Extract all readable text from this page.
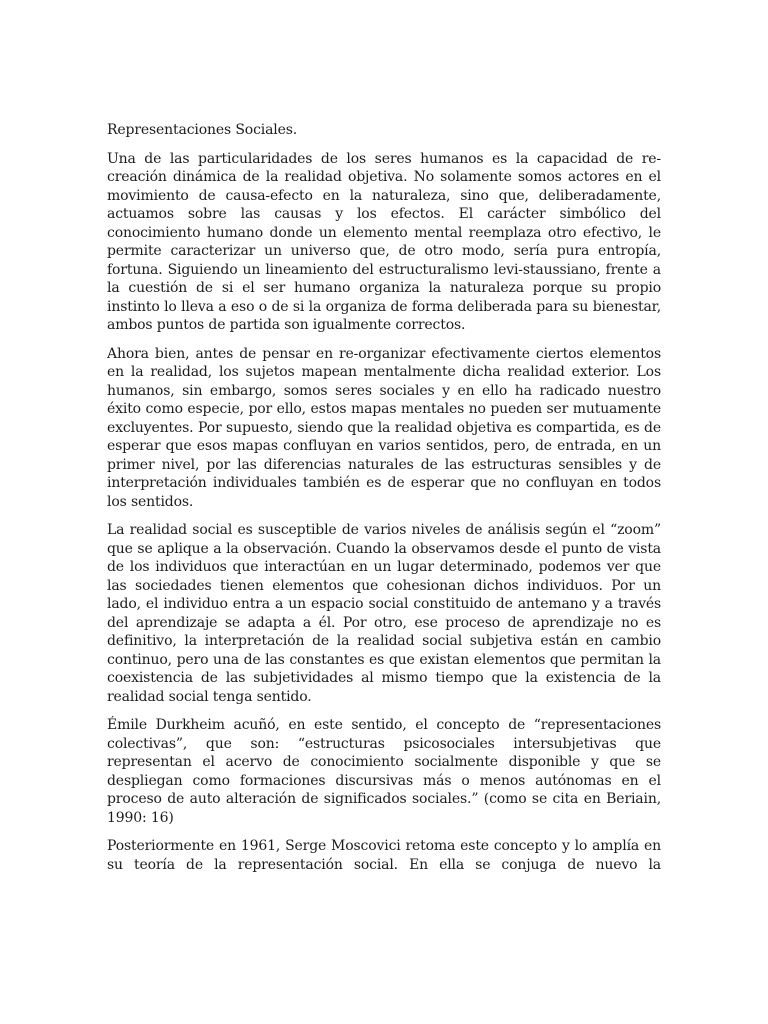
Representaciones Sociales.

Una de las particularidades de los seres humanos es la capacidad de re-creación dinámica de la realidad objetiva. No solamente somos actores en el movimiento de causa-efecto en la naturaleza, sino que, deliberadamente, actuamos sobre las causas y los efectos. El carácter simbólico del conocimiento humano donde un elemento mental reemplaza otro efectivo, le permite caracterizar un universo que, de otro modo, sería pura entropía, fortuna. Siguiendo un lineamiento del estructuralismo levi-staussiano, frente a la cuestión de si el ser humano organiza la naturaleza porque su propio instinto lo lleva a eso o de si la organiza de forma deliberada para su bienestar, ambos puntos de partida son igualmente correctos.

Ahora bien, antes de pensar en re-organizar efectivamente ciertos elementos en la realidad, los sujetos mapean mentalmente dicha realidad exterior. Los humanos, sin embargo, somos seres sociales y en ello ha radicado nuestro éxito como especie, por ello, estos mapas mentales no pueden ser mutuamente excluyentes. Por supuesto, siendo que la realidad objetiva es compartida, es de esperar que esos mapas confluyan en varios sentidos, pero, de entrada, en un primer nivel, por las diferencias naturales de las estructuras sensibles y de interpretación individuales también es de esperar que no confluyan en todos los sentidos.

La realidad social es susceptible de varios niveles de análisis según el “zoom” que se aplique a la observación. Cuando la observamos desde el punto de vista de los individuos que interactúan en un lugar determinado, podemos ver que las sociedades tienen elementos que cohesionan dichos individuos. Por un lado, el individuo entra a un espacio social constituido de antemano y a través del aprendizaje se adapta a él. Por otro, ese proceso de aprendizaje no es definitivo, la interpretación de la realidad social subjetiva están en cambio continuo, pero una de las constantes es que existan elementos que permitan la coexistencia de las subjetividades al mismo tiempo que la existencia de la realidad social tenga sentido.

Émile Durkheim acuñó, en este sentido, el concepto de “representaciones colectivas”, que son: “estructuras psicosociales intersubjetivas que representan el acervo de conocimiento socialmente disponible y que se despliegan como formaciones discursivas más o menos autónomas en el proceso de auto alteración de significados sociales.” (como se cita en Beriain, 1990: 16)

Posteriormente en 1961, Serge Moscovici retoma este concepto y lo amplía en su teoría de la representación social. En ella se conjuga de nuevo la
